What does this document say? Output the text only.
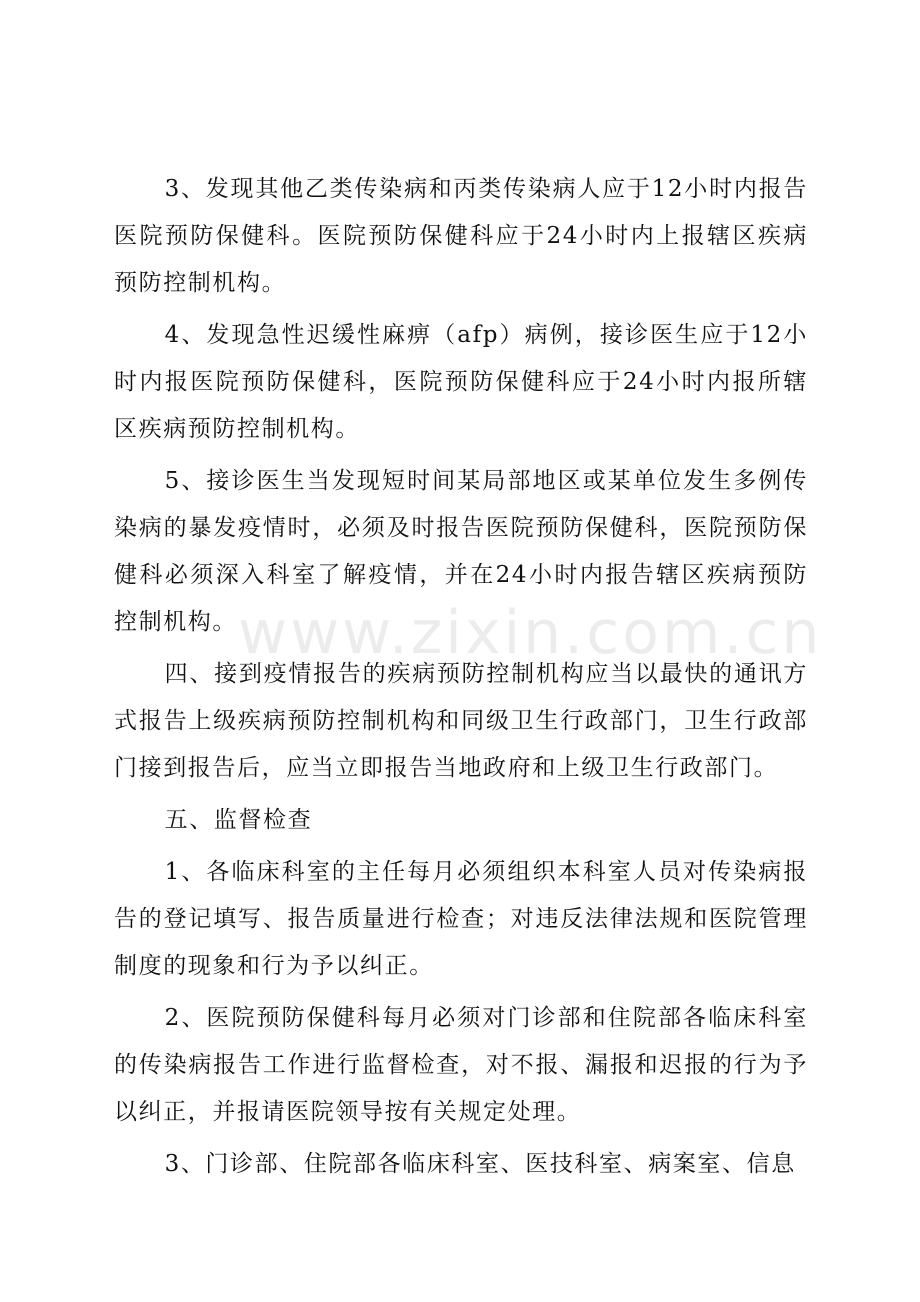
3、发现其他乙类传染病和丙类传染病人应于12小时内报告医院预防保健科。医院预防保健科应于24小时内上报辖区疾病预防控制机构。

4、发现急性迟缓性麻痹（afp）病例，接诊医生应于12小时内报医院预防保健科，医院预防保健科应于24小时内报所辖区疾病预防控制机构。

5、接诊医生当发现短时间某局部地区或某单位发生多例传染病的暴发疫情时，必须及时报告医院预防保健科，医院预防保健科必须深入科室了解疫情，并在24小时内报告辖区疾病预防控制机构。

四、接到疫情报告的疾病预防控制机构应当以最快的通讯方式报告上级疾病预防控制机构和同级卫生行政部门，卫生行政部门接到报告后，应当立即报告当地政府和上级卫生行政部门。

五、监督检查

1、各临床科室的主任每月必须组织本科室人员对传染病报告的登记填写、报告质量进行检查；对违反法律法规和医院管理制度的现象和行为予以纠正。

2、医院预防保健科每月必须对门诊部和住院部各临床科室的传染病报告工作进行监督检查，对不报、漏报和迟报的行为予以纠正，并报请医院领导按有关规定处理。

3、门诊部、住院部各临床科室、医技科室、病案室、信息

www.zixin.com.cn
